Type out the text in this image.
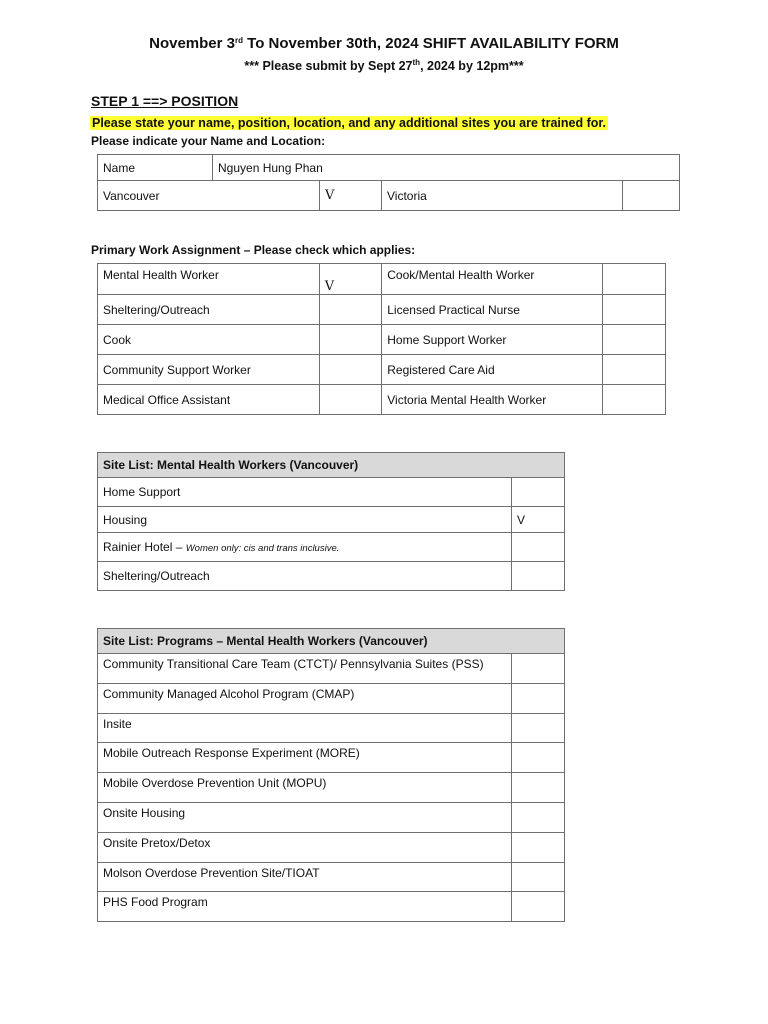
November 3rd To November 30th, 2024 SHIFT AVAILABILITY FORM
*** Please submit by Sept 27th, 2024 by 12pm***
STEP 1 ==> POSITION
Please state your name, position, location, and any additional sites you are trained for.
Please indicate your Name and Location:
Name	Nguyen Hung Phan			
Vancouver		V	Victoria	
Primary Work Assignment – Please check which applies:
Mental Health Worker	V	Cook/Mental Health Worker	
Sheltering/Outreach		Licensed Practical Nurse	
Cook		Home Support Worker	
Community Support Worker		Registered Care Aid	
Medical Office Assistant		Victoria Mental Health Worker	
Site List: Mental Health Workers (Vancouver)	
Home Support	
Housing	V
Rainier Hotel – Women only: cis and trans inclusive.	
Sheltering/Outreach	
Site List: Programs – Mental Health Workers (Vancouver)	
Community Transitional Care Team (CTCT)/ Pennsylvania Suites (PSS)	
Community Managed Alcohol Program (CMAP)	
Insite	
Mobile Outreach Response Experiment (MORE)	
Mobile Overdose Prevention Unit (MOPU)	
Onsite Housing	
Onsite Pretox/Detox	
Molson Overdose Prevention Site/TIOAT	
PHS Food Program	
